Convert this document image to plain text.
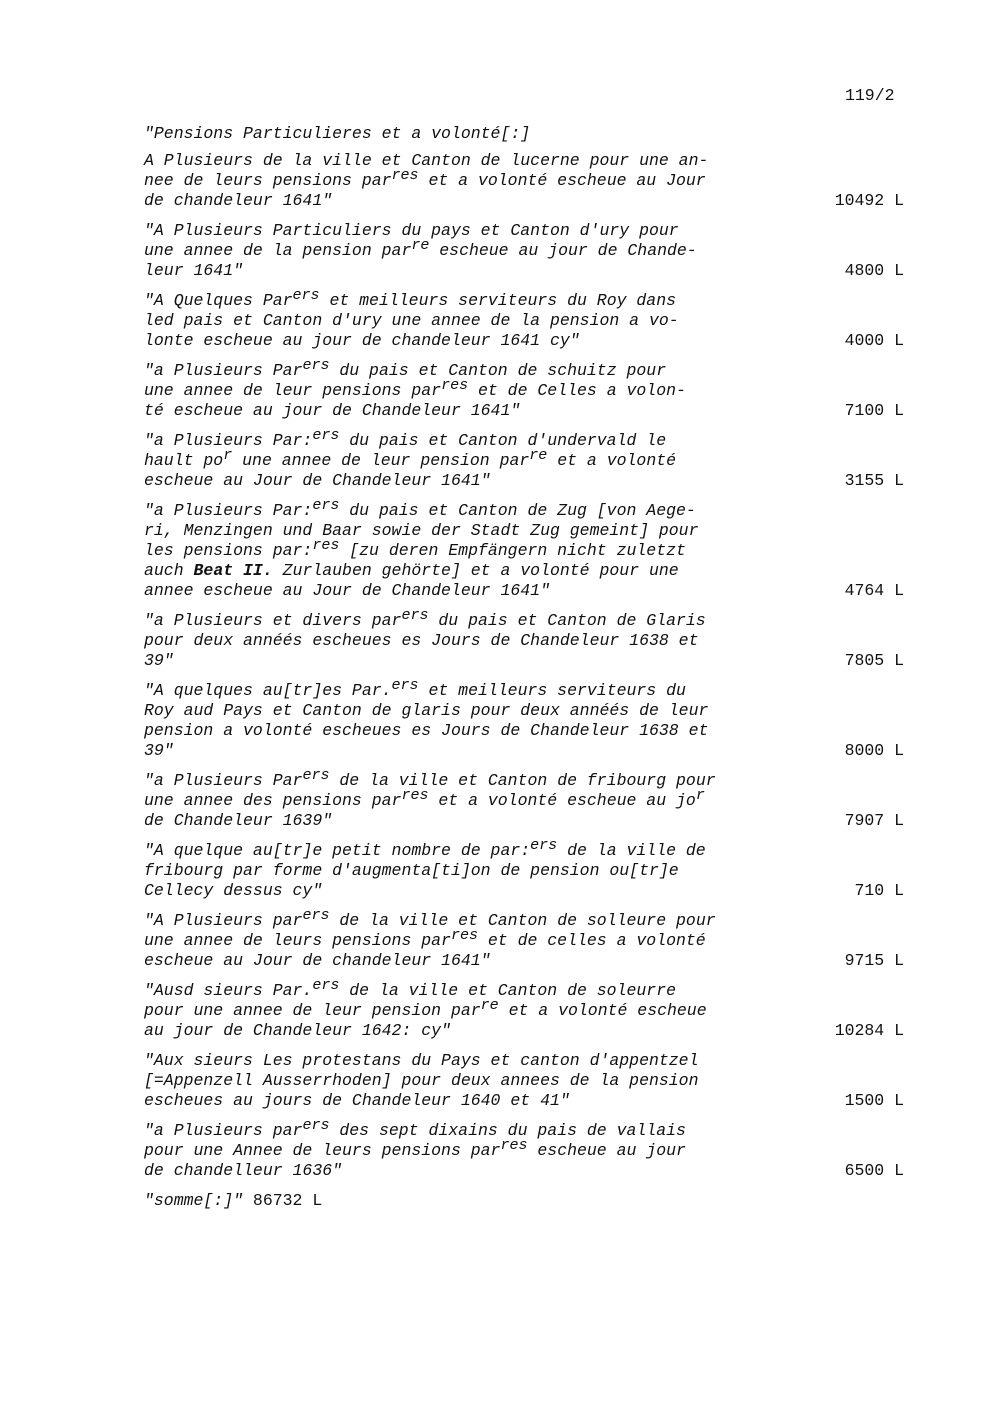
119/2
"Pensions Particulieres et a volonté[:]
A Plusieurs de la ville et Canton de lucerne pour une an-
nee de leurs pensions par$^{res}$ et a volonté escheue au Jour
de chandeleur 1641"	10492 L
"A Plusieurs Particuliers du pays et Canton d'ury pour
une annee de la pension par$^{re}$ escheue au jour de Chande-
leur 1641"	4800 L
"A Quelques Par$^{ers}$ et meilleurs serviteurs du Roy dans
led pais et Canton d'ury une annee de la pension a vo-
lonte escheue au jour de chandeleur 1641 cy"	4000 L
"a Plusieurs Par$^{ers}$ du pais et Canton de schuitz pour
une annee de leur pensions par$^{res}$ et de Celles a volon-
té escheue au jour de Chandeleur 1641"	7100 L
"a Plusieurs Par:$^{ers}$ du pais et Canton d'undervald le
hault $po^r$ une annee de leur pension par$^{re}$ et a volonté
escheue au Jour de Chandeleur 1641"	3155 L
"a Plusieurs Par:$^{ers}$ du pais et Canton de Zug [von Aege-
ri, Menzingen und Baar sowie der Stadt Zug gemeint] pour
les pensions par:$^{res}$ [zu deren Empfängern nicht zuletzt
auch Beat II. Zurlauben gehörte] et a volonté pour une
annee escheue au Jour de Chandeleur 1641"	4764 L
"a Plusieurs et divers par$^{ers}$ du pais et Canton de Glaris
pour deux annéés escheues es Jours de Chandeleur 1638 et
39"	7805 L
"A quelques au[tr]es Par.$^{ers}$ et meilleurs serviteurs du
Roy aud Pays et Canton de glaris pour deux annéés de leur
pension a volonté escheues es Jours de Chandeleur 1638 et
39"	8000 L
"a Plusieurs Par$^{ers}$ de la ville et Canton de fribourg pour
une annee des pensions par$^{res}$ et a volonté escheue au $jo^r$
de Chandeleur 1639"	7907 L
"A quelque au[tr]e petit nombre de par:$^{ers}$ de la ville de
fribourg par forme d'augmenta[ti]on de pension ou[tr]e
Cellecy dessus cy"	710 L
"A Plusieurs par$^{ers}$ de la ville et Canton de solleure pour
une annee de leurs pensions par$^{res}$ et de celles a volonté
escheue au Jour de chandeleur 1641"	9715 L
"Ausd sieurs Par.$^{ers}$ de la ville et Canton de soleurre
pour une annee de leur pension par$^{re}$ et a volonté escheue
au jour de Chandeleur 1642: cy"	10284 L
"Aux sieurs Les protestans du Pays et canton d'appentzel
[=Appenzell Ausserrhoden] pour deux annees de la pension
escheues au jours de Chandeleur 1640 et 41"	1500 L
"a Plusieurs par$^{ers}$ des sept dixains du pais de vallais
pour une Annee de leurs pensions par$^{res}$ escheue au jour
de chandelleur 1636"	6500 L
"somme[:]" 86732 L
